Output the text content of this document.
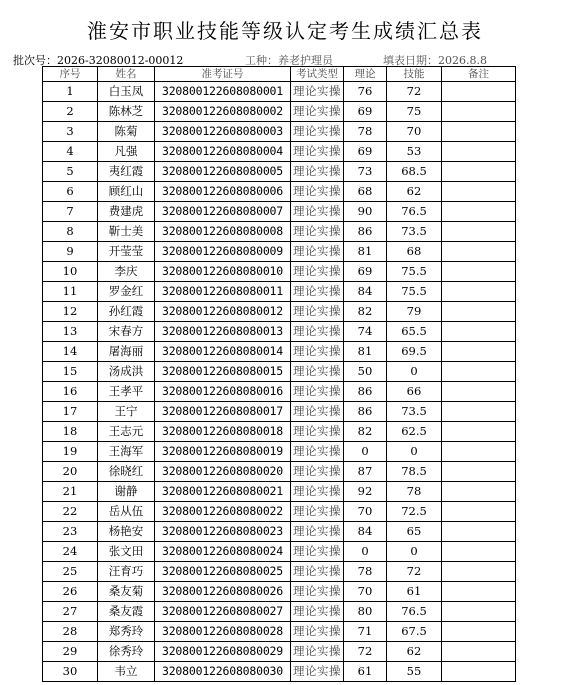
淮安市职业技能等级认定考生成绩汇总表
批次号：2026-32080012-00012	工种：养老护理员	填表日期：2026.8.8
序号	姓名	准考证号	考试类型	理论	技能	备注
1	白玉凤	320800122608080001	理论实操	76	72	
2	陈林芝	320800122608080002	理论实操	69	75	
3	陈菊	320800122608080003	理论实操	78	70	
4	凡强	320800122608080004	理论实操	69	53	
5	夷红霞	320800122608080005	理论实操	73	68.5	
6	顾红山	320800122608080006	理论实操	68	62	
7	费建虎	320800122608080007	理论实操	90	76.5	
8	靳士美	320800122608080008	理论实操	86	73.5	
9	开莹莹	320800122608080009	理论实操	81	68	
10	李庆	320800122608080010	理论实操	69	75.5	
11	罗金红	320800122608080011	理论实操	84	75.5	
12	孙红霞	320800122608080012	理论实操	82	79	
13	宋春方	320800122608080013	理论实操	74	65.5	
14	屠海丽	320800122608080014	理论实操	81	69.5	
15	汤成洪	320800122608080015	理论实操	50	0	
16	王孝平	320800122608080016	理论实操	86	66	
17	王宁	320800122608080017	理论实操	86	73.5	
18	王志元	320800122608080018	理论实操	82	62.5	
19	王海军	320800122608080019	理论实操	0	0	
20	徐晓红	320800122608080020	理论实操	87	78.5	
21	谢静	320800122608080021	理论实操	92	78	
22	岳从伍	320800122608080022	理论实操	70	72.5	
23	杨艳安	320800122608080023	理论实操	84	65	
24	张文田	320800122608080024	理论实操	0	0	
25	汪育巧	320800122608080025	理论实操	78	72	
26	桑友菊	320800122608080026	理论实操	70	61	
27	桑友霞	320800122608080027	理论实操	80	76.5	
28	郑秀玲	320800122608080028	理论实操	71	67.5	
29	徐秀玲	320800122608080029	理论实操	72	62	
30	韦立	320800122608080030	理论实操	61	55	
